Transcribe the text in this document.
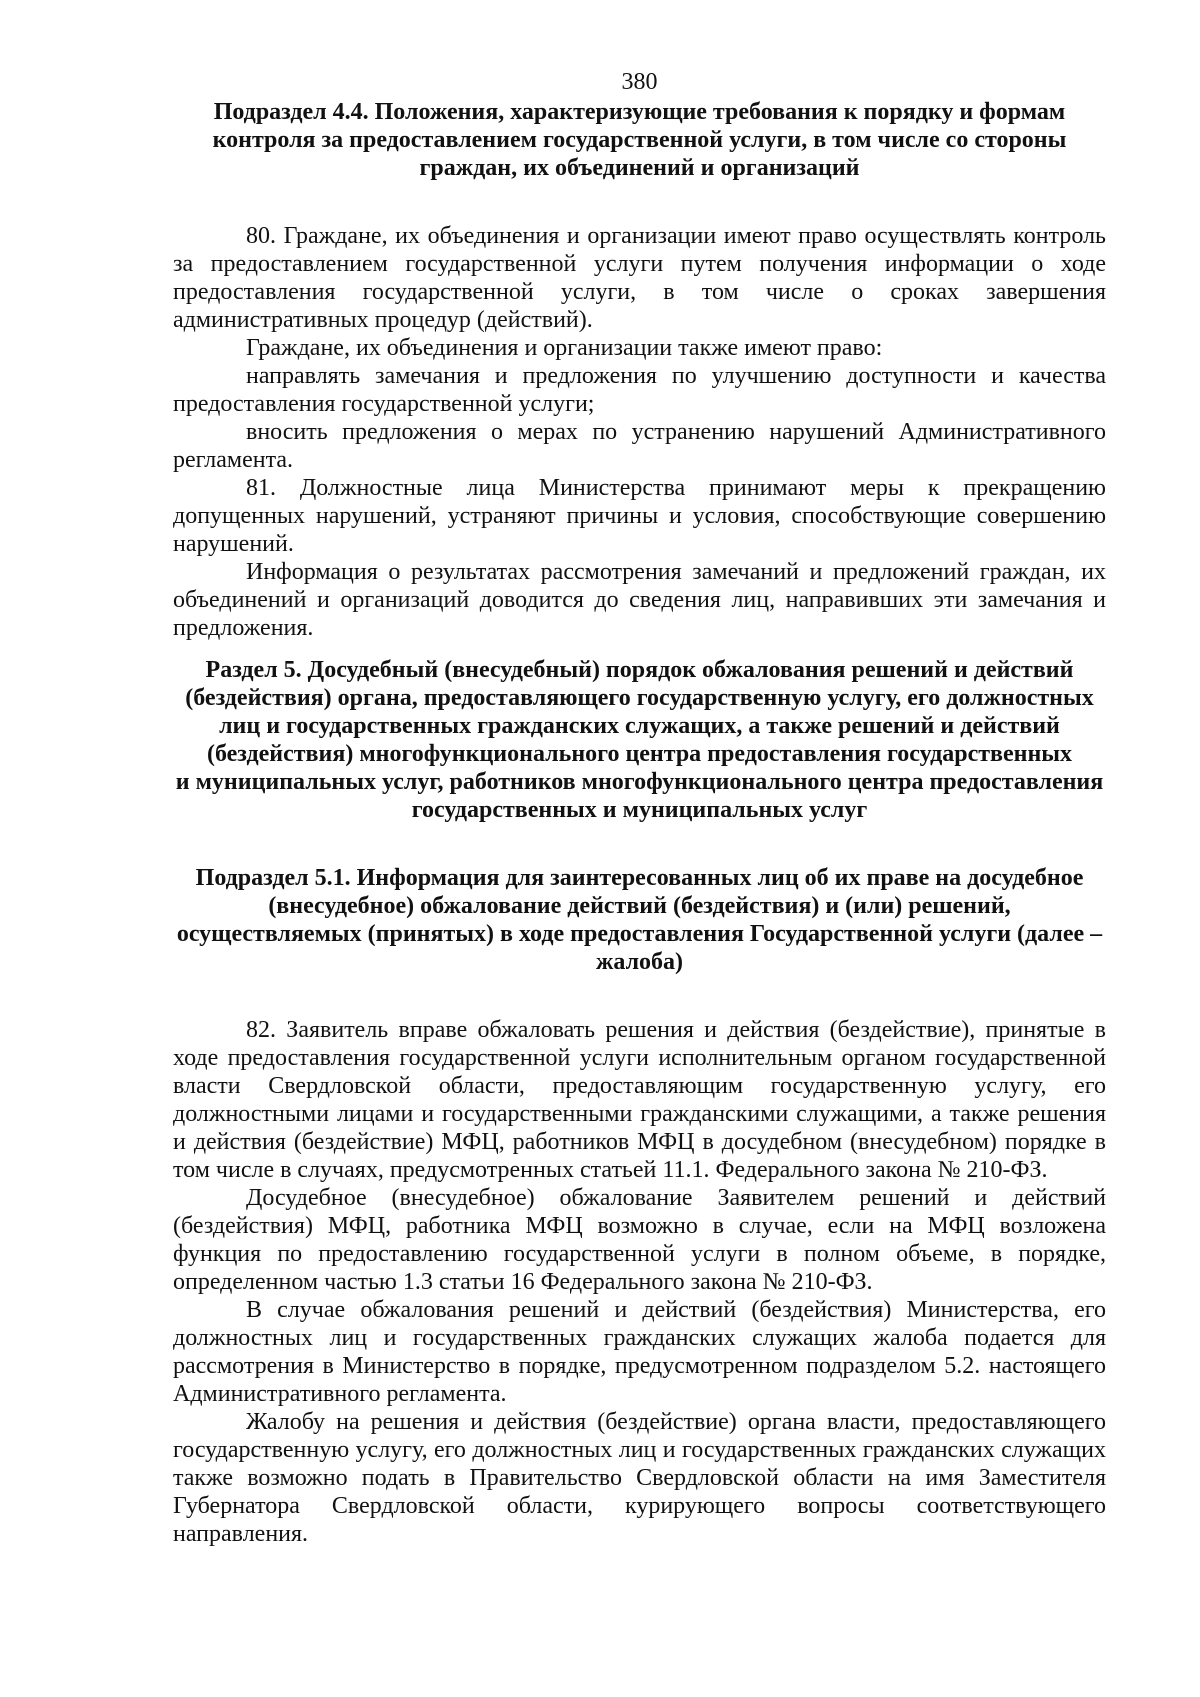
380
Подраздел 4.4. Положения, характеризующие требования к порядку и формам
контроля за предоставлением государственной услуги, в том числе со стороны
граждан, их объединений и организаций

80. Граждане, их объединения и организации имеют право осуществлять контроль за предоставлением государственной услуги путем получения информации о ходе предоставления государственной услуги, в том числе о сроках завершения административных процедур (действий).

Граждане, их объединения и организации также имеют право:

направлять замечания и предложения по улучшению доступности и качества предоставления государственной услуги;

вносить предложения о мерах по устранению нарушений Административного регламента.

81. Должностные лица Министерства принимают меры к прекращению допущенных нарушений, устраняют причины и условия, способствующие совершению нарушений.

Информация о результатах рассмотрения замечаний и предложений граждан, их объединений и организаций доводится до сведения лиц, направивших эти замечания и предложения.

Раздел 5. Досудебный (внесудебный) порядок обжалования решений и действий
(бездействия) органа, предоставляющего государственную услугу, его должностных
лиц и государственных гражданских служащих, а также решений и действий
(бездействия) многофункционального центра предоставления государственных
и муниципальных услуг, работников многофункционального центра предоставления
государственных и муниципальных услуг
Подраздел 5.1. Информация для заинтересованных лиц об их праве на досудебное
(внесудебное) обжалование действий (бездействия) и (или) решений,
осуществляемых (принятых) в ходе предоставления Государственной услуги (далее –
жалоба)

82. Заявитель вправе обжаловать решения и действия (бездействие), принятые в ходе предоставления государственной услуги исполнительным органом государственной власти Свердловской области, предоставляющим государственную услугу, его должностными лицами и государственными гражданскими служащими, а также решения и действия (бездействие) МФЦ, работников МФЦ в досудебном (внесудебном) порядке в том числе в случаях, предусмотренных статьей 11.1. Федерального закона № 210-ФЗ.

Досудебное (внесудебное) обжалование Заявителем решений и действий (бездействия) МФЦ, работника МФЦ возможно в случае, если на МФЦ возложена функция по предоставлению государственной услуги в полном объеме, в порядке, определенном частью 1.3 статьи 16 Федерального закона № 210-ФЗ.

В случае обжалования решений и действий (бездействия) Министерства, его должностных лиц и государственных гражданских служащих жалоба подается для рассмотрения в Министерство в порядке, предусмотренном подразделом 5.2. настоящего Административного регламента.

Жалобу на решения и действия (бездействие) органа власти, предоставляющего государственную услугу, его должностных лиц и государственных гражданских служащих также возможно подать в Правительство Свердловской области на имя Заместителя Губернатора Свердловской области, курирующего вопросы соответствующего направления.
